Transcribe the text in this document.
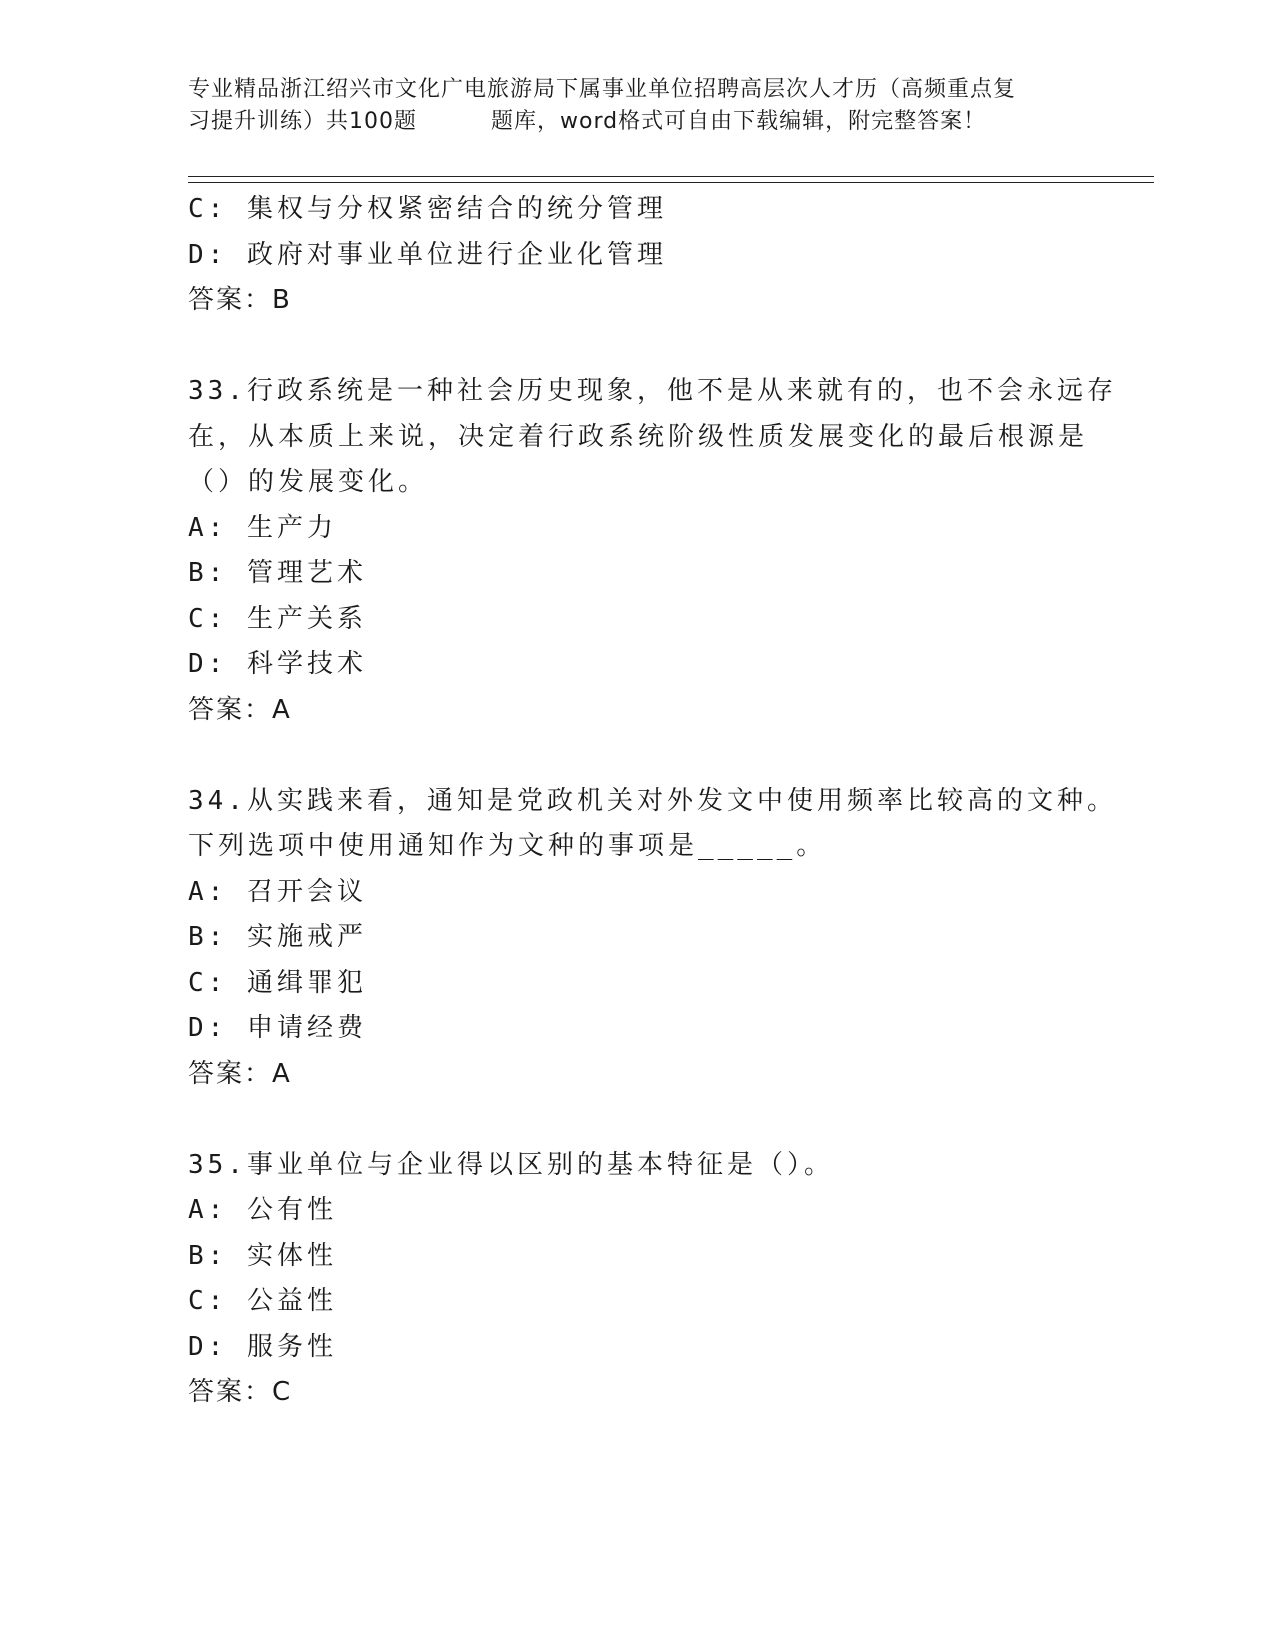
专业精品浙江绍兴市文化广电旅游局下属事业单位招聘高层次人才历（高频重点复
习提升训练）共100题	题库，word格式可自由下载编辑，附完整答案！
C: 集权与分权紧密结合的统分管理
D: 政府对事业单位进行企业化管理
答案：B
33.行政系统是一种社会历史现象，他不是从来就有的，也不会永远存
在，从本质上来说，决定着行政系统阶级性质发展变化的最后根源是
（）的发展变化。
A: 生产力
B: 管理艺术
C: 生产关系
D: 科学技术
答案：A
34.从实践来看，通知是党政机关对外发文中使用频率比较高的文种。
下列选项中使用通知作为文种的事项是_____。
A: 召开会议
B: 实施戒严
C: 通缉罪犯
D: 申请经费
答案：A
35.事业单位与企业得以区别的基本特征是（）。
A: 公有性
B: 实体性
C: 公益性
D: 服务性
答案：C
